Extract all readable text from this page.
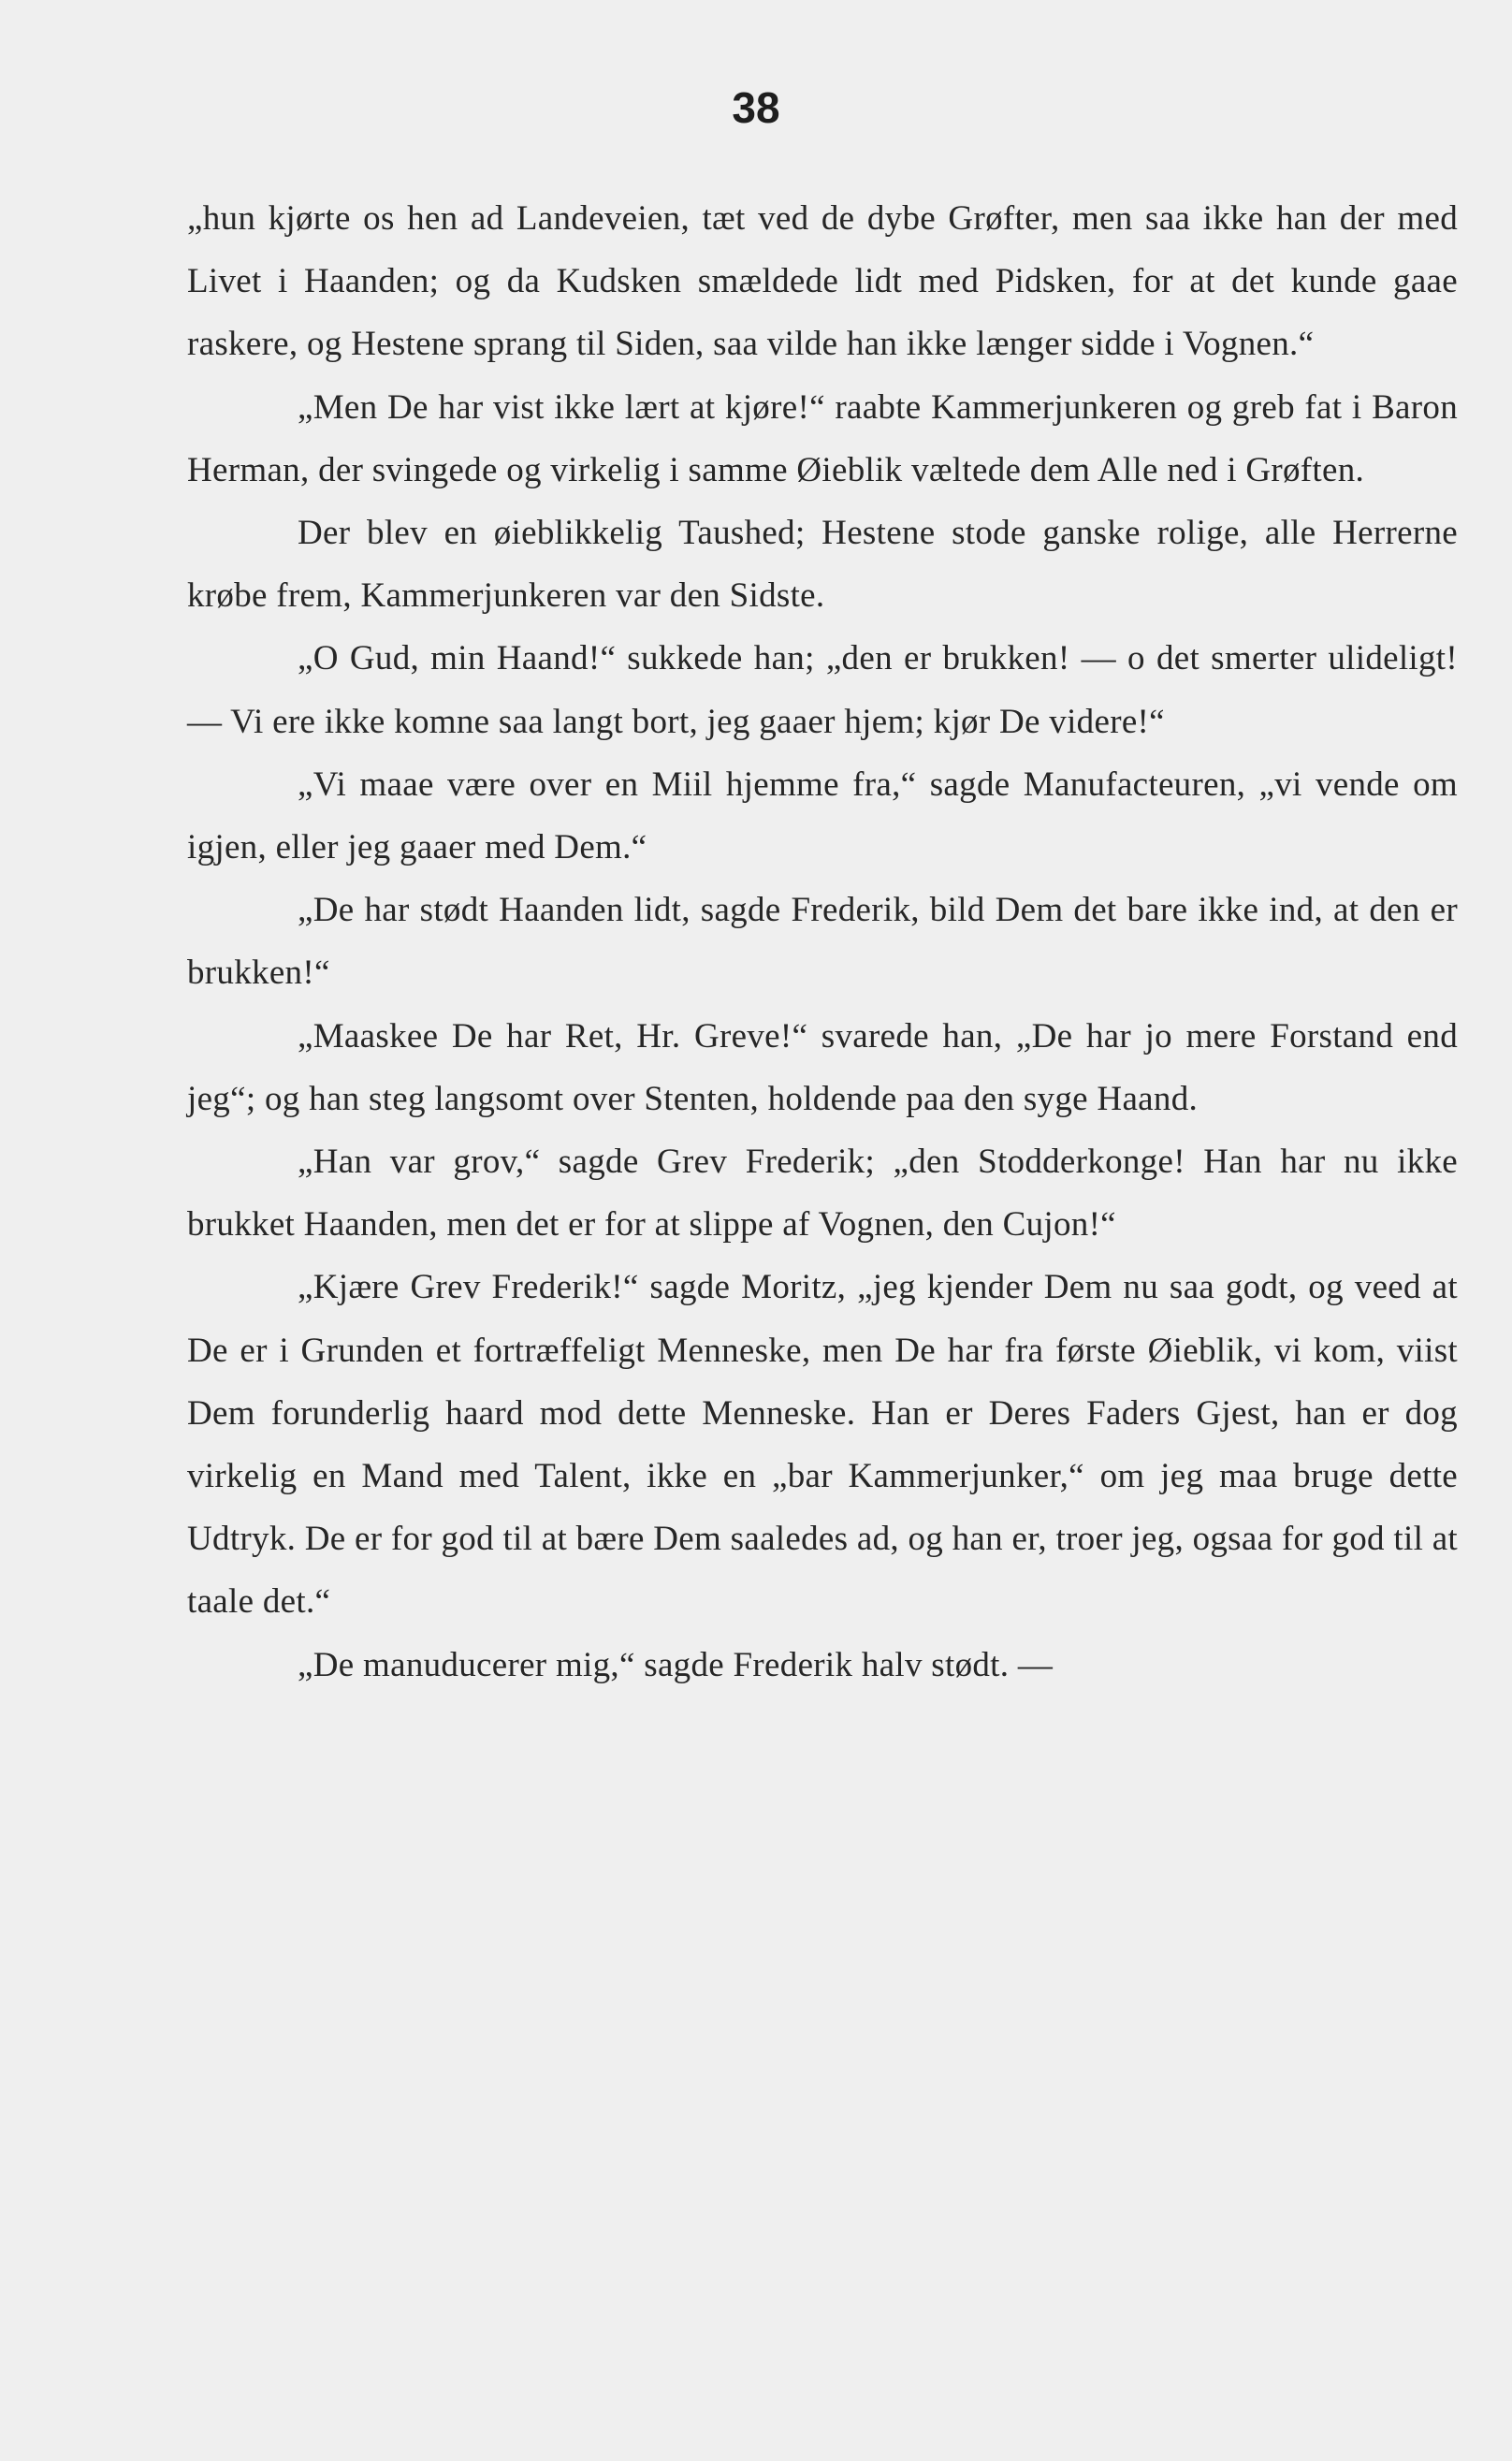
38

„hun kjørte os hen ad Landeveien, tæt ved de dybe Grøfter, men saa ikke han der med Livet i Haanden; og da Kudsken smældede lidt med Pidsken, for at det kunde gaae raskere, og Hestene sprang til Siden, saa vilde han ikke længer sidde i Vognen.“

„Men De har vist ikke lært at kjøre!“ raabte Kammerjunkeren og greb fat i Baron Herman, der svingede og virkelig i samme Øieblik væltede dem Alle ned i Grøften.

Der blev en øieblikkelig Taushed; Hestene stode ganske rolige, alle Herrerne krøbe frem, Kammerjunkeren var den Sidste.

„O Gud, min Haand!“ sukkede han; „den er brukken! — o det smerter ulideligt! — Vi ere ikke komne saa langt bort, jeg gaaer hjem; kjør De videre!“

„Vi maae være over en Miil hjemme fra,“ sagde Manufacteuren, „vi vende om igjen, eller jeg gaaer med Dem.“

„De har stødt Haanden lidt, sagde Frederik, bild Dem det bare ikke ind, at den er brukken!“

„Maaskee De har Ret, Hr. Greve!“ svarede han, „De har jo mere Forstand end jeg“; og han steg langsomt over Stenten, holdende paa den syge Haand.

„Han var grov,“ sagde Grev Frederik; „den Stodderkonge! Han har nu ikke brukket Haanden, men det er for at slippe af Vognen, den Cujon!“

„Kjære Grev Frederik!“ sagde Moritz, „jeg kjender Dem nu saa godt, og veed at De er i Grunden et fortræffeligt Menneske, men De har fra første Øieblik, vi kom, viist Dem forunderlig haard mod dette Menneske. Han er Deres Faders Gjest, han er dog virkelig en Mand med Talent, ikke en „bar Kammerjunker,“ om jeg maa bruge dette Udtryk. De er for god til at bære Dem saaledes ad, og han er, troer jeg, ogsaa for god til at taale det.“

„De manuducerer mig,“ sagde Frederik halv stødt. —
